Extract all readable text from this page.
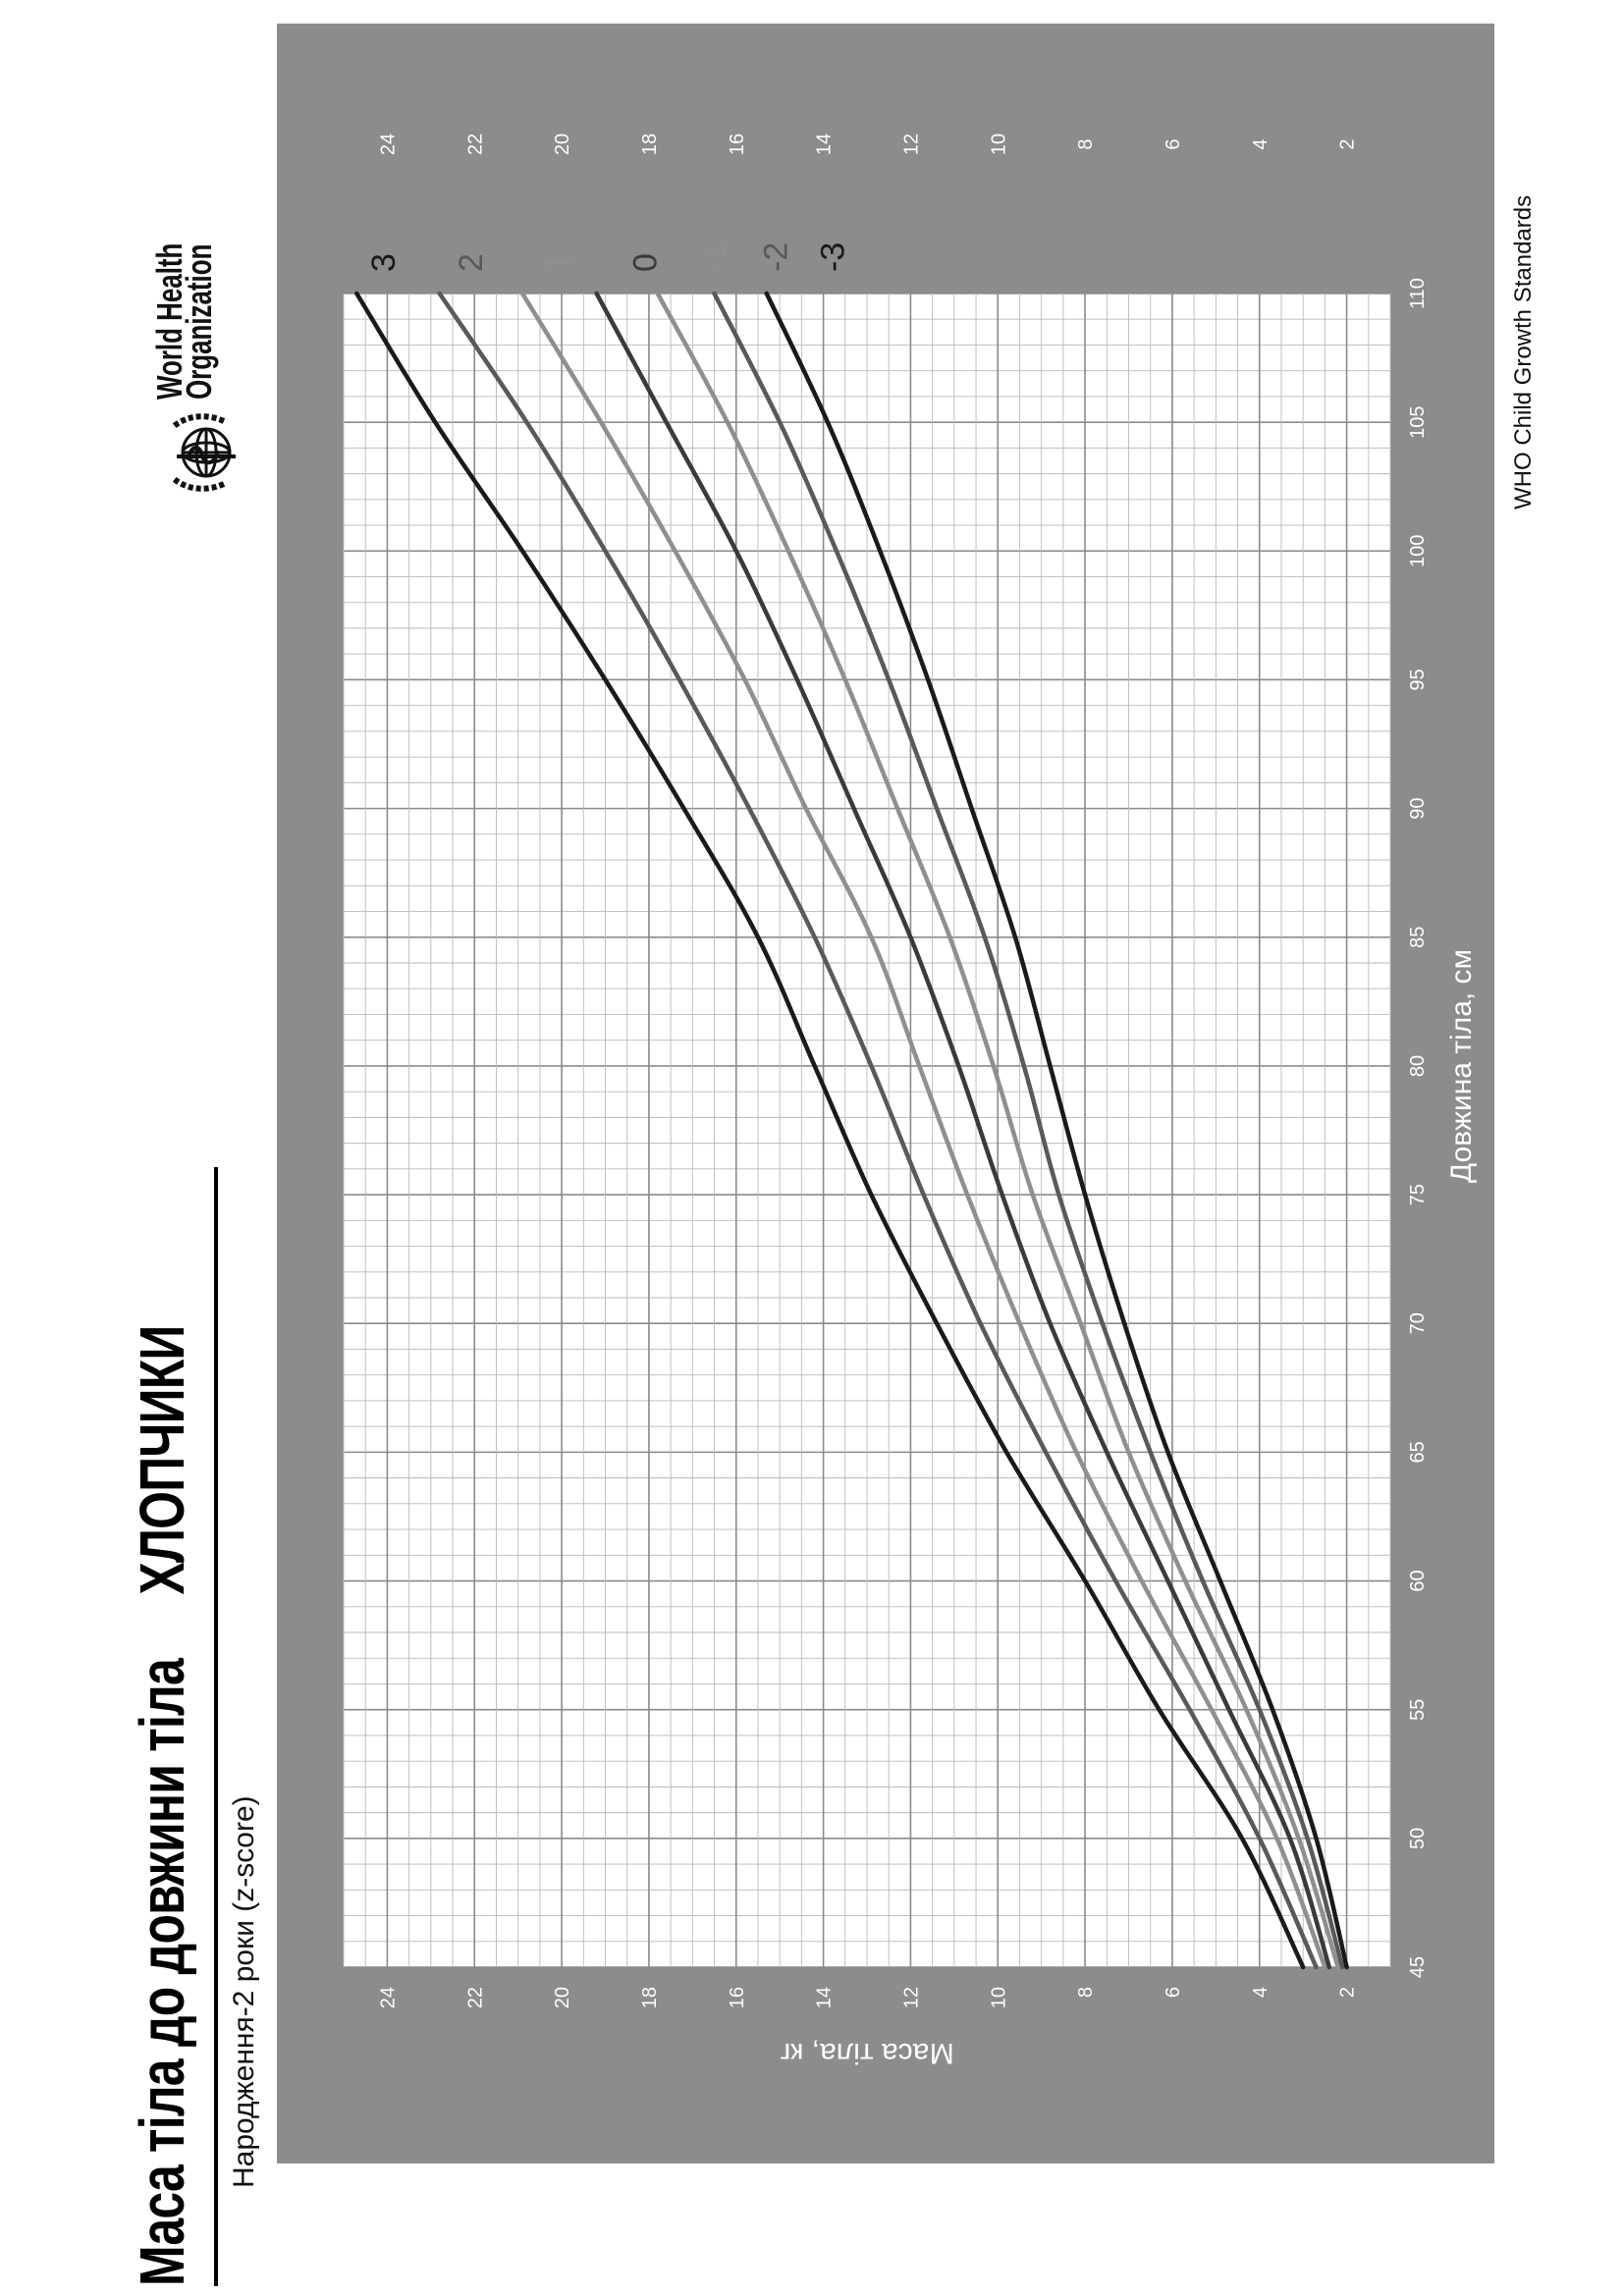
Маса тіла до довжини тіла     ХЛОПЧИКИ Народження-2 роки (z-score)
World Health
Organization	3 2 1 0 -1 -2 -3
45
50
55
60
65
70
75
80
85
90
95
100
105
110
2
2
4
4
6
6
8
8
10
10
12
12
14
14
16
16
18
18
20
20
22
22
24
24
Довжина тіла, см
Маса тіла, кг
WHO Child Growth Standards
